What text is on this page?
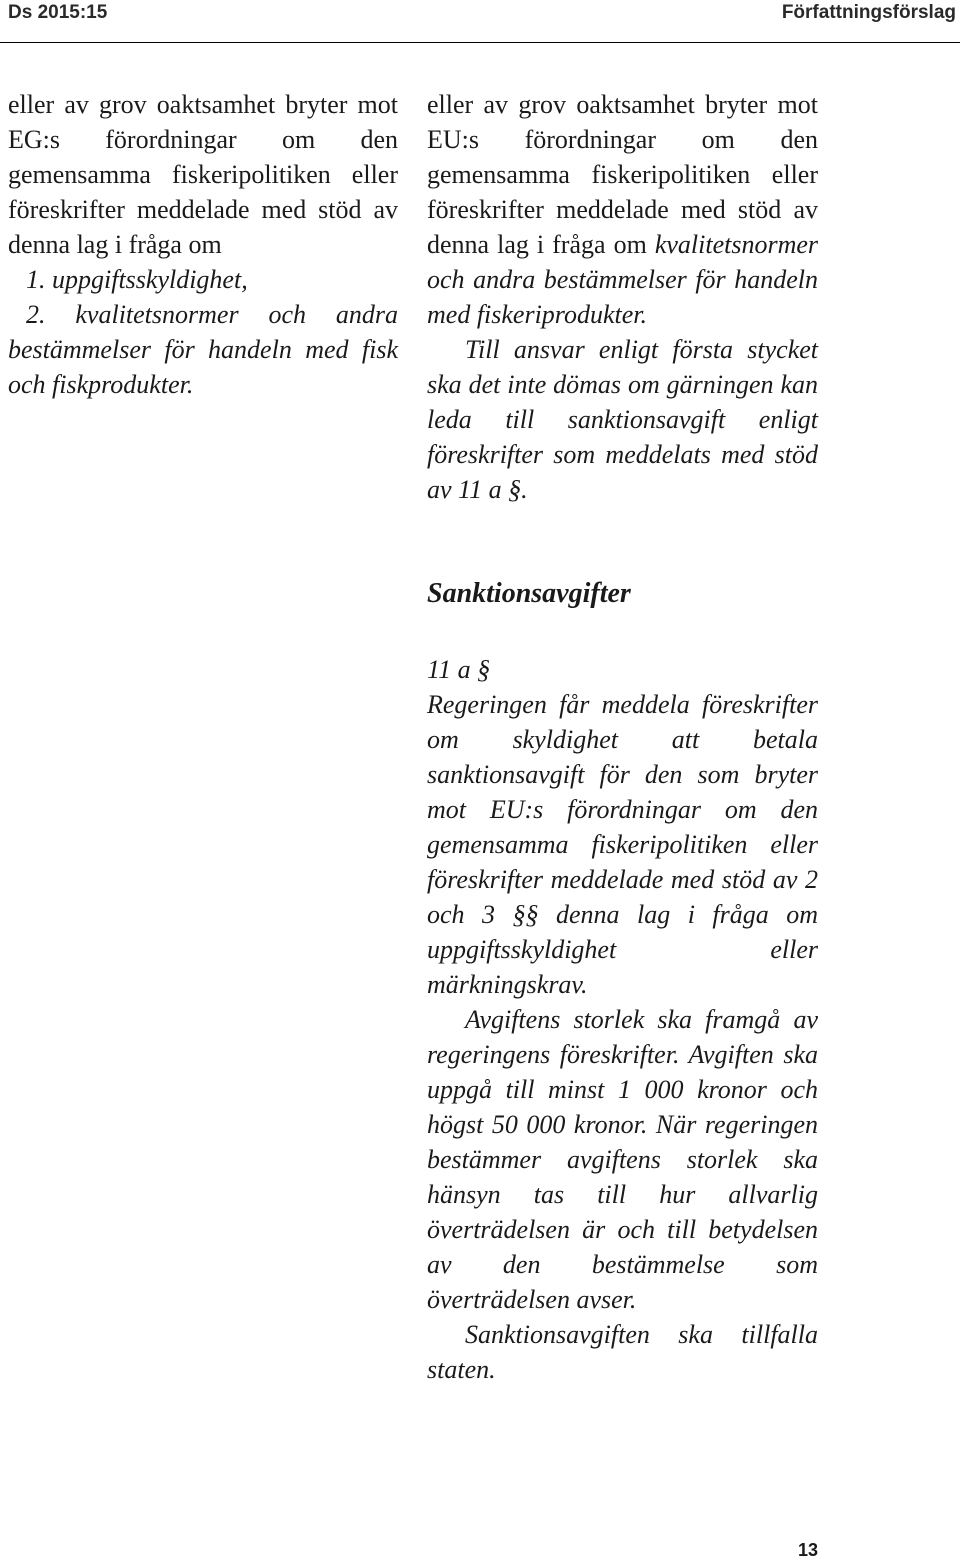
Ds 2015:15	Författningsförslag

eller av grov oaktsamhet bryter mot EG:s förordningar om den gemensamma fiskeripolitiken eller föreskrifter meddelade med stöd av denna lag i fråga om

1. uppgiftsskyldighet,

2. kvalitetsnormer och andra bestämmelser för handeln med fisk och fiskprodukter.

eller av grov oaktsamhet bryter mot EU:s förordningar om den gemensamma fiskeripolitiken eller föreskrifter meddelade med stöd av denna lag i fråga om kvalitetsnormer och andra bestämmelser för handeln med fiskeriprodukter.

Till ansvar enligt första stycket ska det inte dömas om gärningen kan leda till sanktionsavgift enligt föreskrifter som meddelats med stöd av 11 a §.

Sanktionsavgifter

11 a §

Regeringen får meddela föreskrifter om skyldighet att betala sanktionsavgift för den som bryter mot EU:s förordningar om den gemensamma fiskeripolitiken eller föreskrifter meddelade med stöd av 2 och 3 §§ denna lag i fråga om uppgiftsskyldighet eller märkningskrav.

Avgiftens storlek ska framgå av regeringens föreskrifter. Avgiften ska uppgå till minst 1 000 kronor och högst 50 000 kronor. När regeringen bestämmer avgiftens storlek ska hänsyn tas till hur allvarlig överträdelsen är och till betydelsen av den bestämmelse som överträdelsen avser.

Sanktionsavgiften ska tillfalla staten.

13
